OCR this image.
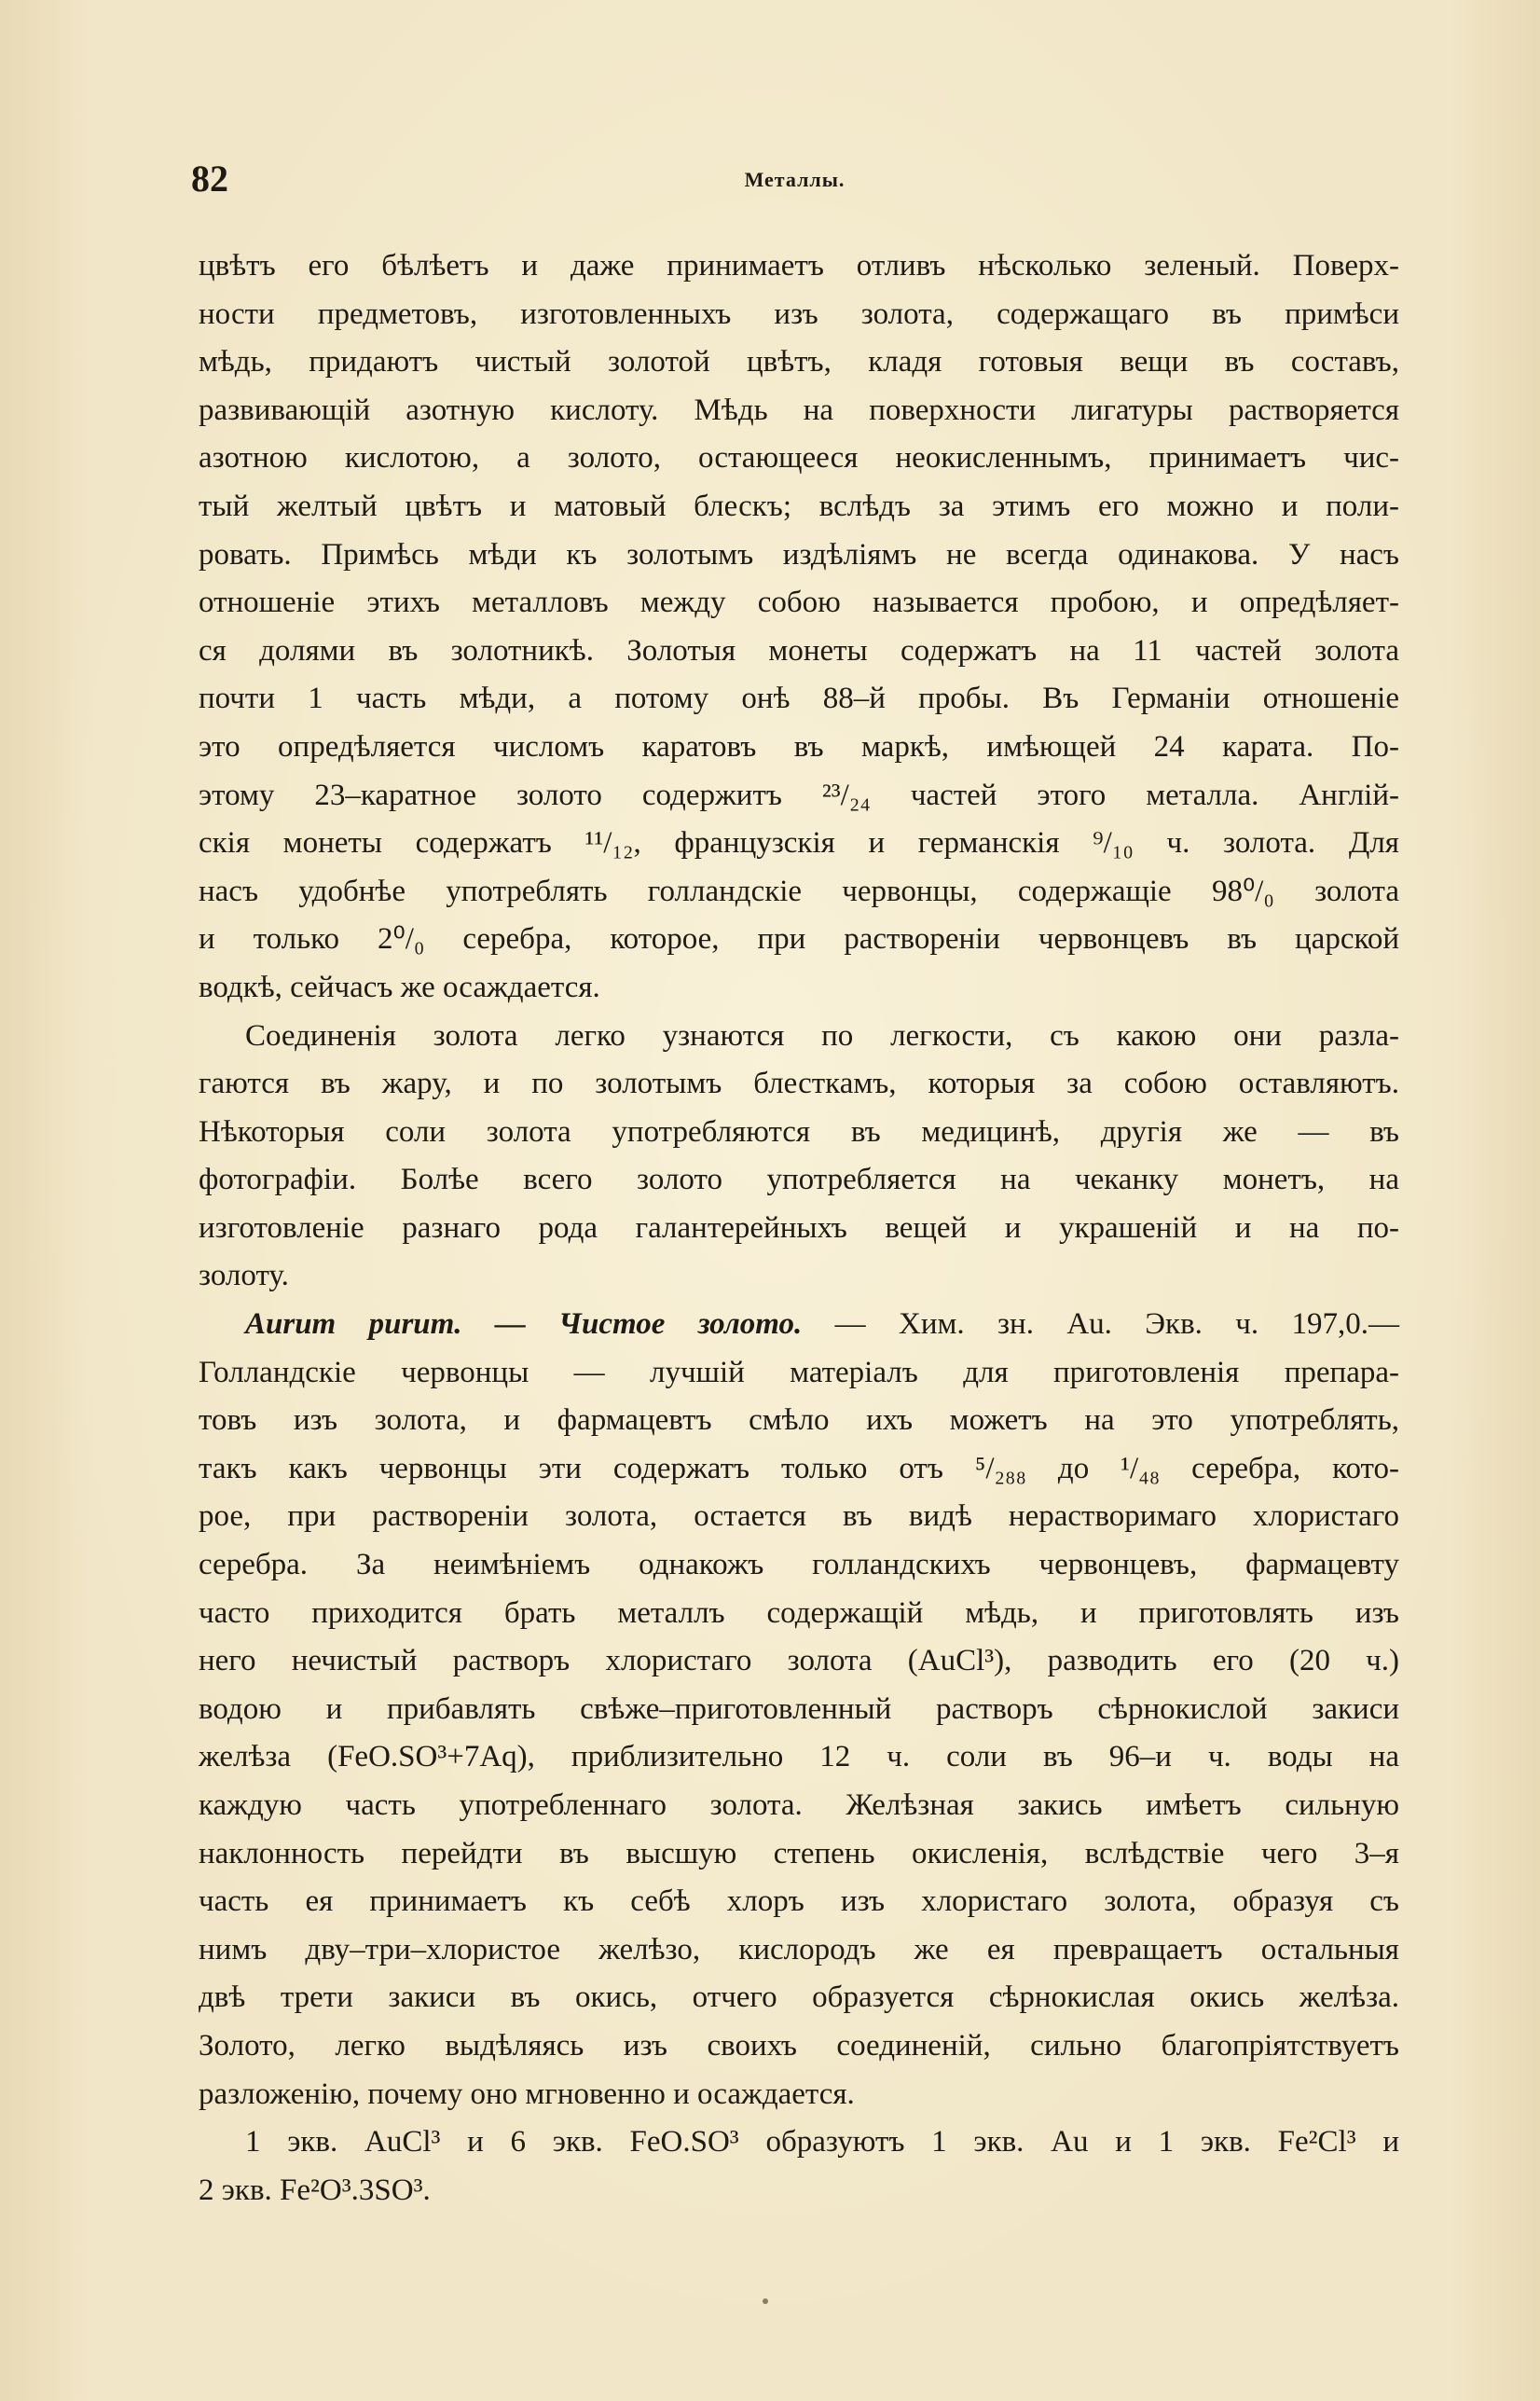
82	Металлы.

цвѣтъ его бѣлѣетъ и даже принимаетъ отливъ нѣсколько зеленый. Поверх-
ности предметовъ, изготовленныхъ изъ золота, содержащаго въ примѣси
мѣдь, придаютъ чистый золотой цвѣтъ, кладя готовыя вещи въ составъ,
развивающій азотную кислоту. Мѣдь на поверхности лигатуры растворяется
азотною кислотою, а золото, остающееся неокисленнымъ, принимаетъ чис-
тый желтый цвѣтъ и матовый блескъ; вслѣдъ за этимъ его можно и поли-
ровать. Примѣсь мѣди къ золотымъ издѣліямъ не всегда одинакова. У насъ
отношеніе этихъ металловъ между собою называется пробою, и опредѣляет-
ся долями въ золотникѣ. Золотыя монеты содержатъ на 11 частей золота
почти 1 часть мѣди, а потому онѣ 88–й пробы. Въ Германіи отношеніе
это опредѣляется числомъ каратовъ въ маркѣ, имѣющей 24 карата. По-
этому 23–каратное золото содержитъ ²³/₂₄ частей этого металла. Англій-
скія монеты содержатъ ¹¹/₁₂, французскія и германскія ⁹/₁₀ ч. золота. Для
насъ удобнѣе употреблять голландскіе червонцы, содержащіе 98⁰/₀ золота
и только 2⁰/₀ серебра, которое, при раствореніи червонцевъ въ царской
водкѣ, сейчасъ же осаждается.

Соединенія золота легко узнаются по легкости, съ какою они разла-
гаются въ жару, и по золотымъ блесткамъ, которыя за собою оставляютъ.
Нѣкоторыя соли золота употребляются въ медицинѣ, другія же — въ
фотографіи. Болѣе всего золото употребляется на чеканку монетъ, на
изготовленіе разнаго рода галантерейныхъ вещей и украшеній и на по-
золоту.

Aurum purum. — Чистое золото. — Хим. зн. Au. Экв. ч. 197,0.—
Голландскіе червонцы — лучшій матеріалъ для приготовленія препара-
товъ изъ золота, и фармацевтъ смѣло ихъ можетъ на это употреблять,
такъ какъ червонцы эти содержатъ только отъ ⁵/₂₈₈ до ¹/₄₈ серебра, кото-
рое, при раствореніи золота, остается въ видѣ нерастворимаго хлористаго
серебра. За неимѣніемъ однакожъ голландскихъ червонцевъ, фармацевту
часто приходится брать металлъ содержащій мѣдь, и приготовлять изъ
него нечистый растворъ хлористаго золота (AuCl³), разводить его (20 ч.)
водою и прибавлять свѣже–приготовленный растворъ сѣрнокислой закиси
желѣза (FeO.SO³+7Aq), приблизительно 12 ч. соли въ 96–и ч. воды на
каждую часть употребленнаго золота. Желѣзная закись имѣетъ сильную
наклонность перейдти въ высшую степень окисленія, вслѣдствіе чего 3–я
часть ея принимаетъ къ себѣ хлоръ изъ хлористаго золота, образуя съ
нимъ дву–три–хлористое желѣзо, кислородъ же ея превращаетъ остальныя
двѣ трети закиси въ окись, отчего образуется сѣрнокислая окись желѣза.
Золото, легко выдѣляясь изъ своихъ соединеній, сильно благопріятствуетъ
разложенію, почему оно мгновенно и осаждается.

1 экв. AuCl³ и 6 экв. FeO.SO³ образуютъ 1 экв. Au и 1 экв. Fe²Cl³ и
2 экв. Fe²O³.3SO³.
